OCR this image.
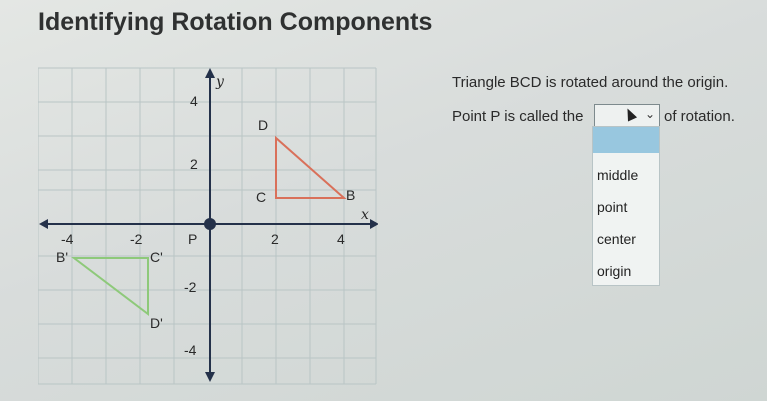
Identifying Rotation Components
y
x
-4	-2	2	4
4
2
-2
-4
P
D
C	B
B'	C'
D'
Triangle BCD is rotated around the origin.
Point P is called the	⌄ of rotation.
middle
point
center
origin
